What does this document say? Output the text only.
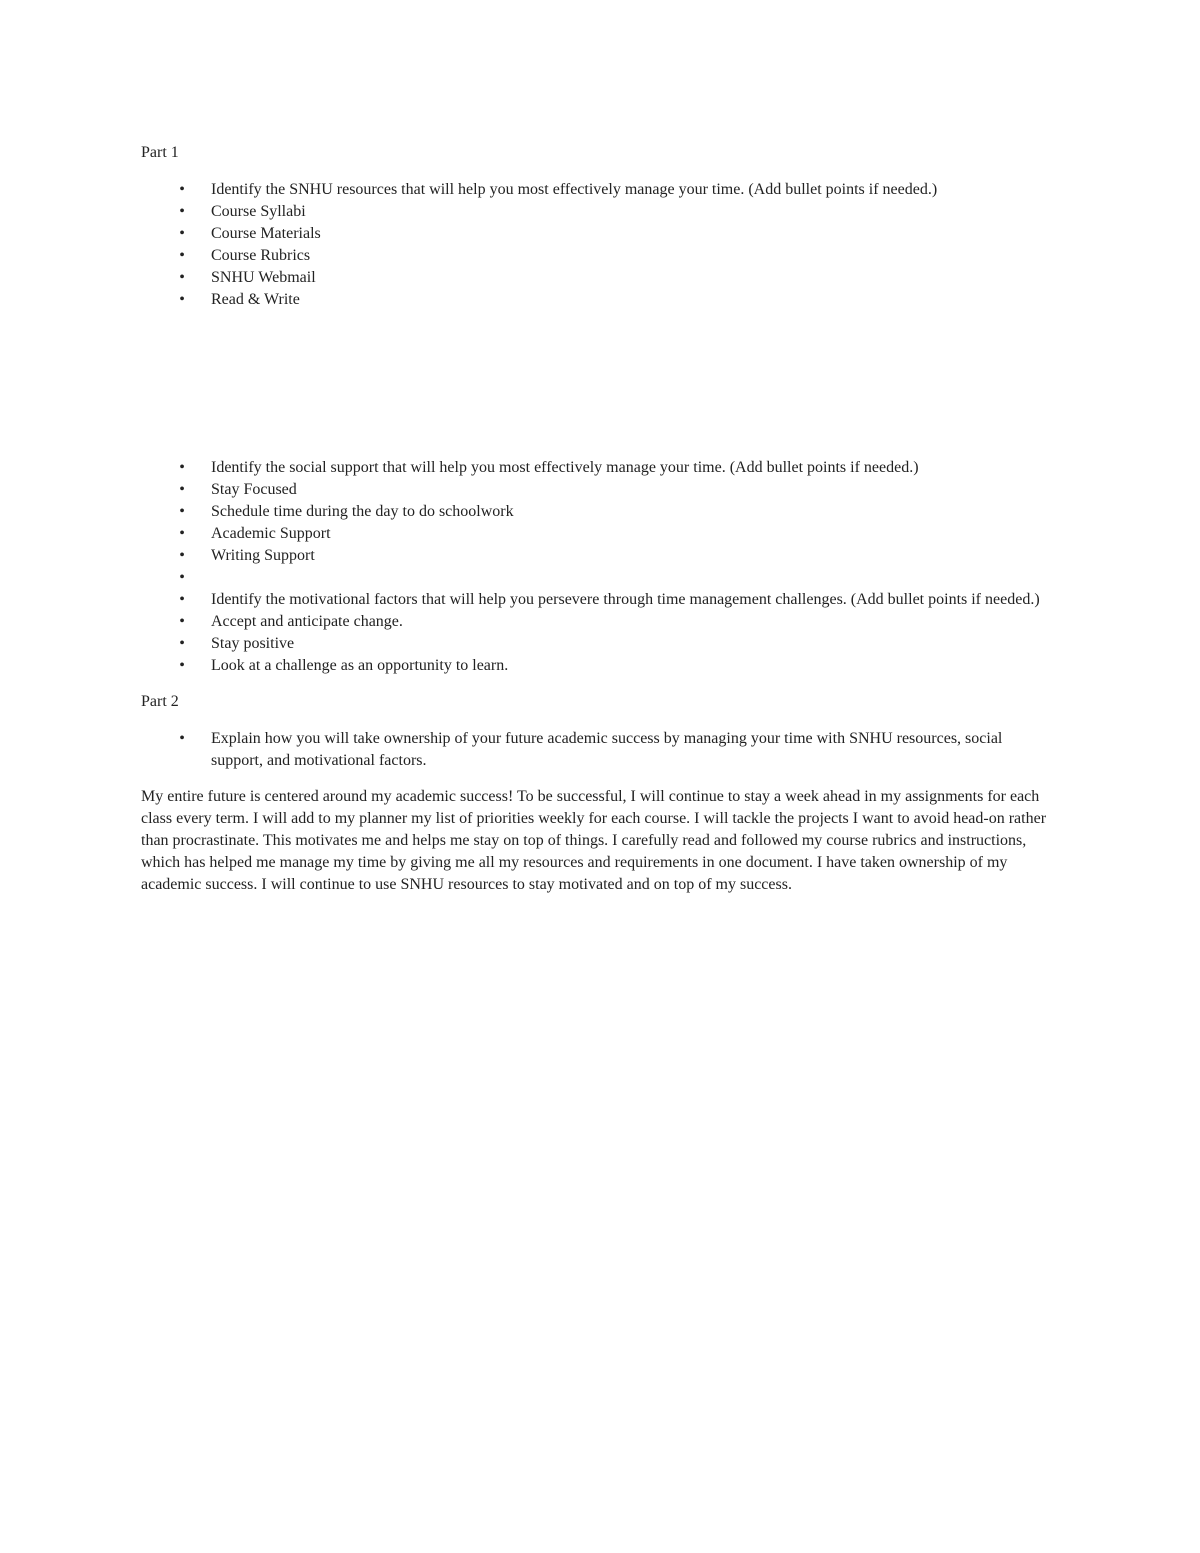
Part 1

• Identify the SNHU resources that will help you most effectively manage your time. (Add bullet points if needed.)
• Course Syllabi
• Course Materials
• Course Rubrics
• SNHU Webmail
• Read & Write
• Identify the social support that will help you most effectively manage your time. (Add bullet points if needed.)
• Stay Focused
• Schedule time during the day to do schoolwork
• Academic Support
• Writing Support
•
• Identify the motivational factors that will help you persevere through time management challenges. (Add bullet points if needed.)
• Accept and anticipate change.
• Stay positive
• Look at a challenge as an opportunity to learn.

Part 2

• Explain how you will take ownership of your future academic success by managing your time with SNHU resources, social support, and motivational factors.

My entire future is centered around my academic success! To be successful, I will continue to stay a week ahead in my assignments for each class every term. I will add to my planner my list of priorities weekly for each course. I will tackle the projects I want to avoid head-on rather than procrastinate. This motivates me and helps me stay on top of things. I carefully read and followed my course rubrics and instructions, which has helped me manage my time by giving me all my resources and requirements in one document. I have taken ownership of my academic success. I will continue to use SNHU resources to stay motivated and on top of my success.
